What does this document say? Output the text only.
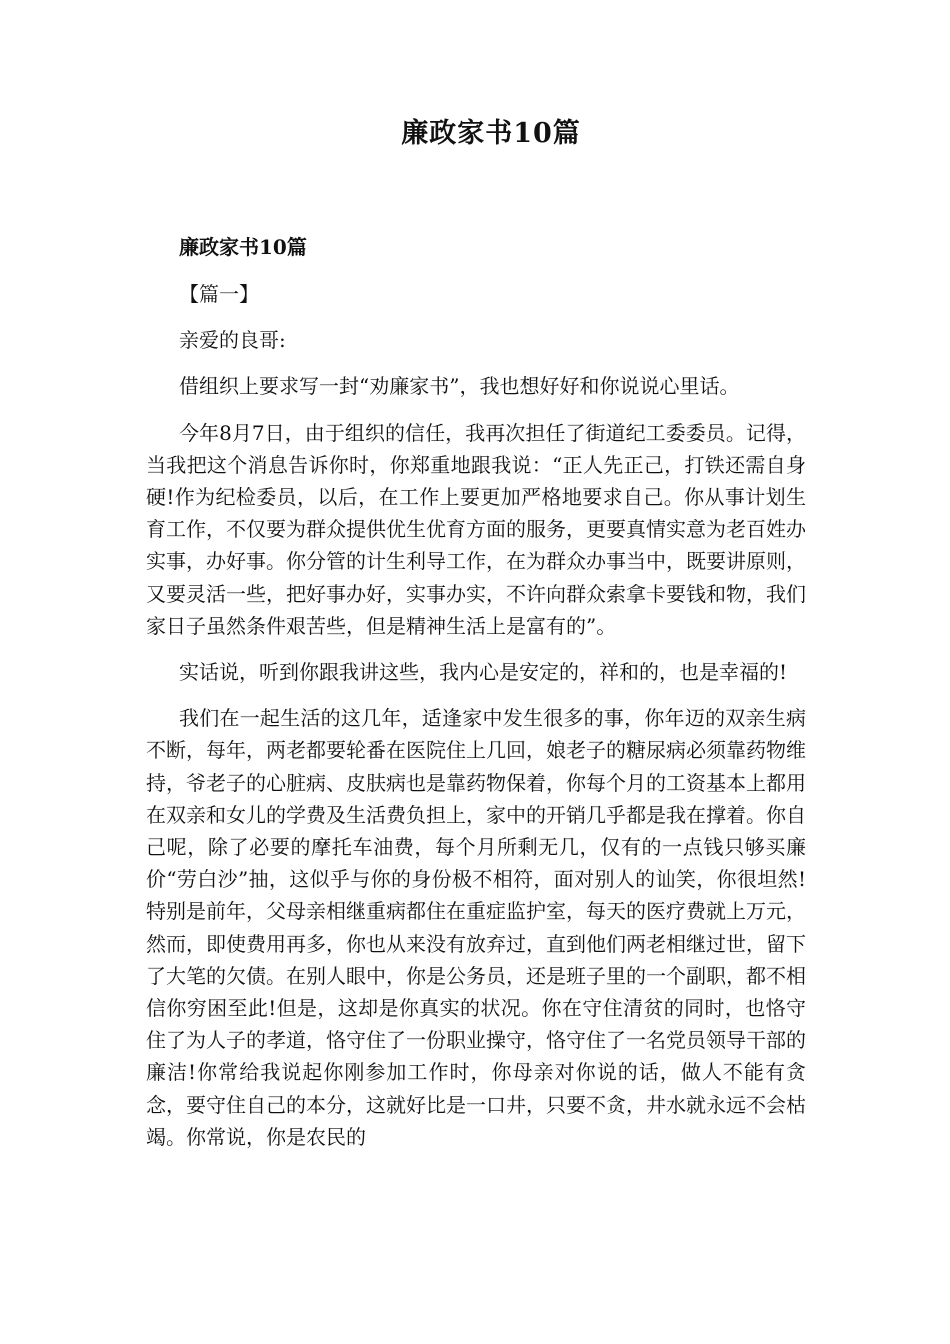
廉政家书10篇

廉政家书10篇

【篇一】

亲爱的良哥:

借组织上要求写一封“劝廉家书”，我也想好好和你说说心里话。

今年8月7日，由于组织的信任，我再次担任了街道纪工委委员。记得，当我把这个消息告诉你时，你郑重地跟我说：“正人先正己，打铁还需自身硬!作为纪检委员，以后，在工作上要更加严格地要求自己。你从事计划生育工作，不仅要为群众提供优生优育方面的服务，更要真情实意为老百姓办实事，办好事。你分管的计生利导工作，在为群众办事当中，既要讲原则，又要灵活一些，把好事办好，实事办实，不许向群众索拿卡要钱和物，我们家日子虽然条件艰苦些，但是精神生活上是富有的”。

实话说，听到你跟我讲这些，我内心是安定的，祥和的，也是幸福的!

我们在一起生活的这几年，适逢家中发生很多的事，你年迈的双亲生病不断，每年，两老都要轮番在医院住上几回，娘老子的糖尿病必须靠药物维持，爷老子的心脏病、皮肤病也是靠药物保着，你每个月的工资基本上都用在双亲和女儿的学费及生活费负担上，家中的开销几乎都是我在撑着。你自己呢，除了必要的摩托车油费，每个月所剩无几，仅有的一点钱只够买廉价“劳白沙”抽，这似乎与你的身份极不相符，面对别人的讪笑，你很坦然!特别是前年，父母亲相继重病都住在重症监护室，每天的医疗费就上万元，然而，即使费用再多，你也从来没有放弃过，直到他们两老相继过世，留下了大笔的欠债。在别人眼中，你是公务员，还是班子里的一个副职，都不相信你穷困至此!但是，这却是你真实的状况。你在守住清贫的同时，也恪守住了为人子的孝道，恪守住了一份职业操守，恪守住了一名党员领导干部的廉洁!你常给我说起你刚参加工作时，你母亲对你说的话，做人不能有贪念，要守住自己的本分，这就好比是一口井，只要不贪，井水就永远不会枯竭。你常说，你是农民的
